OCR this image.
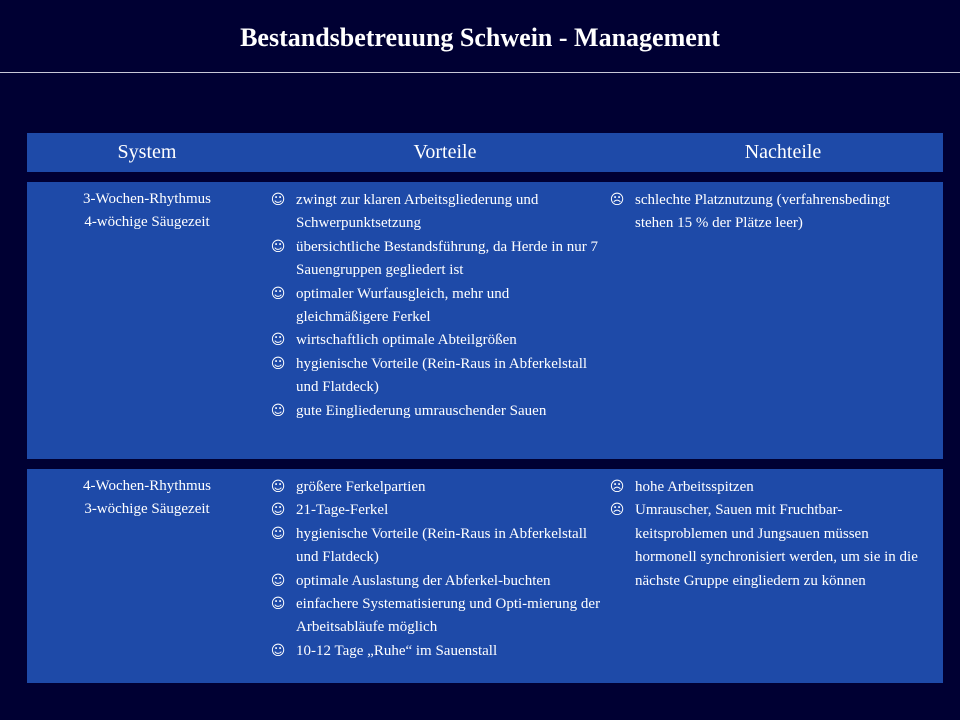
Bestandsbetreuung Schwein - Management
System	Vorteile	Nachteile
3-Wochen-Rhythmus
4-wöchige Säugezeit
☺ zwingt zur klaren Arbeitsgliederung und Schwerpunktsetzung
☺ übersichtliche Bestandsführung, da Herde in nur 7 Sauengruppen gegliedert ist
☺ optimaler Wurfausgleich, mehr und gleichmäßigere Ferkel
☺ wirtschaftlich optimale Abteilgrößen
☺ hygienische Vorteile (Rein-Raus in Abferkelstall und Flatdeck)
☺ gute Eingliederung umrauschender Sauen
☹ schlechte Platznutzung (verfahrensbedingt stehen 15 % der Plätze leer)
4-Wochen-Rhythmus
3-wöchige Säugezeit
☺ größere Ferkelpartien
☺ 21-Tage-Ferkel
☺ hygienische Vorteile (Rein-Raus in Abferkelstall und Flatdeck)
☺ optimale Auslastung der Abferkel-buchten
☺ einfachere Systematisierung und Opti-mierung der Arbeitsabläufe möglich
☺ 10-12 Tage „Ruhe“ im Sauenstall
☹ hohe Arbeitsspitzen
☹ Umrauscher, Sauen mit Fruchtbar-keitsproblemen und Jungsauen müssen hormonell synchronisiert werden, um sie in die nächste Gruppe eingliedern zu können
